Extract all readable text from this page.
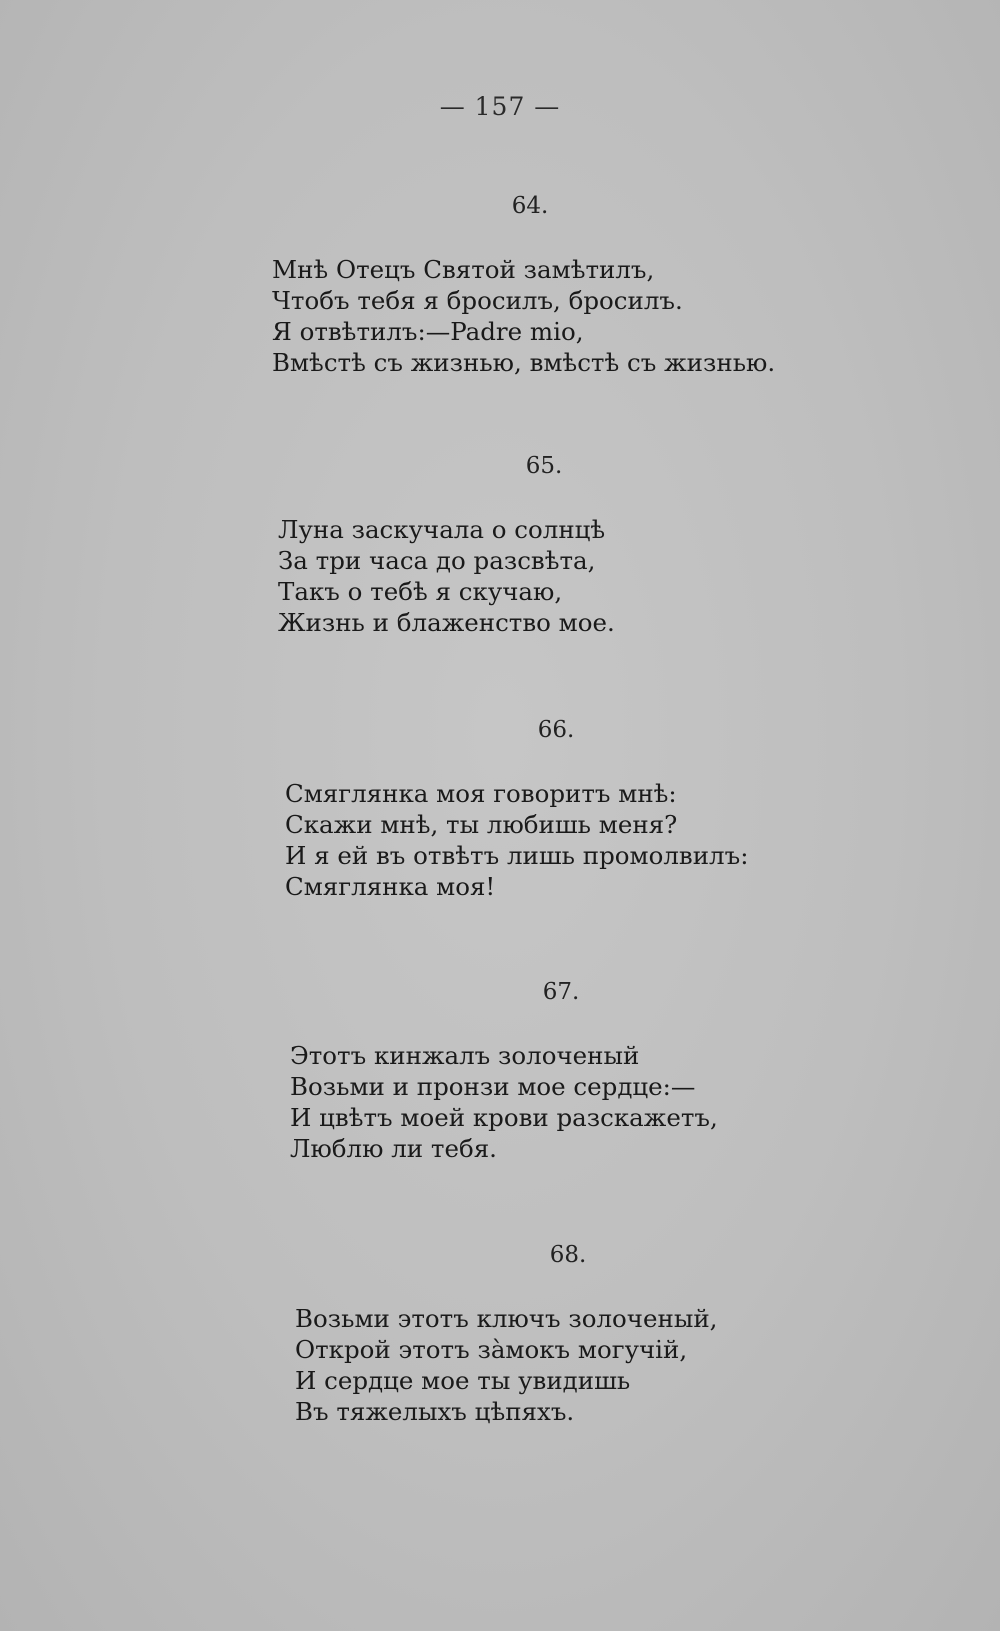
— 157 —
64.
Мнѣ Отецъ Святой замѣтилъ,
Чтобъ тебя я бросилъ, бросилъ.
Я отвѣтилъ:—Padre mio,
Вмѣстѣ съ жизнью, вмѣстѣ съ жизнью.
65.
Луна заскучала о солнцѣ
За три часа до разсвѣта,
Такъ о тебѣ я скучаю,
Жизнь и блаженство мое.
66.
Смяглянка моя говоритъ мнѣ:
Скажи мнѣ, ты любишь меня?
И я ей въ отвѣтъ лишь промолвилъ:
Смяглянка моя!
67.
Этотъ кинжалъ золоченый
Возьми и пронзи мое сердце:—
И цвѣтъ моей крови разскажетъ,
Люблю ли тебя.
68.
Возьми этотъ ключъ золоченый,
Открой этотъ зàмокъ могучій,
И сердце мое ты увидишь
Въ тяжелыхъ цѣпяхъ.
